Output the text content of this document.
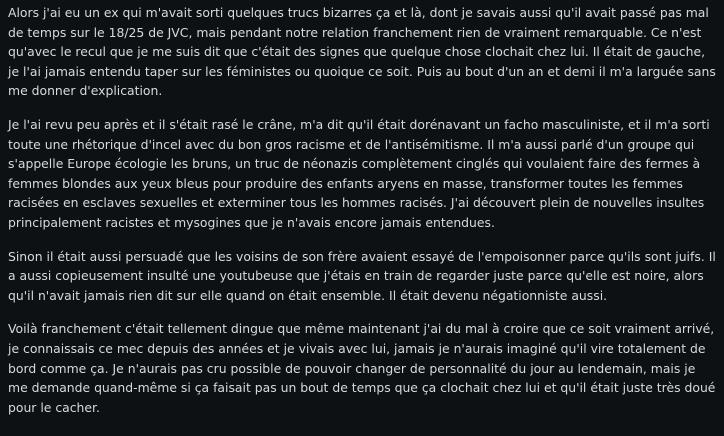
Alors j'ai eu un ex qui m'avait sorti quelques trucs bizarres ça et là, dont je savais aussi qu'il avait passé pas mal de temps sur le 18/25 de JVC, mais pendant notre relation franchement rien de vraiment remarquable. Ce n'est qu'avec le recul que je me suis dit que c'était des signes que quelque chose clochait chez lui. Il était de gauche, je l'ai jamais entendu taper sur les féministes ou quoique ce soit. Puis au bout d'un an et demi il m'a larguée sans me donner d'explication.

Je l'ai revu peu après et il s'était rasé le crâne, m'a dit qu'il était dorénavant un facho masculiniste, et il m'a sorti toute une rhétorique d'incel avec du bon gros racisme et de l'antisémitisme. Il m'a aussi parlé d'un groupe qui s'appelle Europe écologie les bruns, un truc de néonazis complètement cinglés qui voulaient faire des fermes à femmes blondes aux yeux bleus pour produire des enfants aryens en masse, transformer toutes les femmes racisées en esclaves sexuelles et exterminer tous les hommes racisés. J'ai découvert plein de nouvelles insultes principalement racistes et mysogines que je n'avais encore jamais entendues.

Sinon il était aussi persuadé que les voisins de son frère avaient essayé de l'empoisonner parce qu'ils sont juifs. Il a aussi copieusement insulté une youtubeuse que j'étais en train de regarder juste parce qu'elle est noire, alors qu'il n'avait jamais rien dit sur elle quand on était ensemble. Il était devenu négationniste aussi.

Voilà franchement c'était tellement dingue que même maintenant j'ai du mal à croire que ce soit vraiment arrivé, je connaissais ce mec depuis des années et je vivais avec lui, jamais je n'aurais imaginé qu'il vire totalement de bord comme ça. Je n'aurais pas cru possible de pouvoir changer de personnalité du jour au lendemain, mais je me demande quand-même si ça faisait pas un bout de temps que ça clochait chez lui et qu'il était juste très doué pour le cacher.
